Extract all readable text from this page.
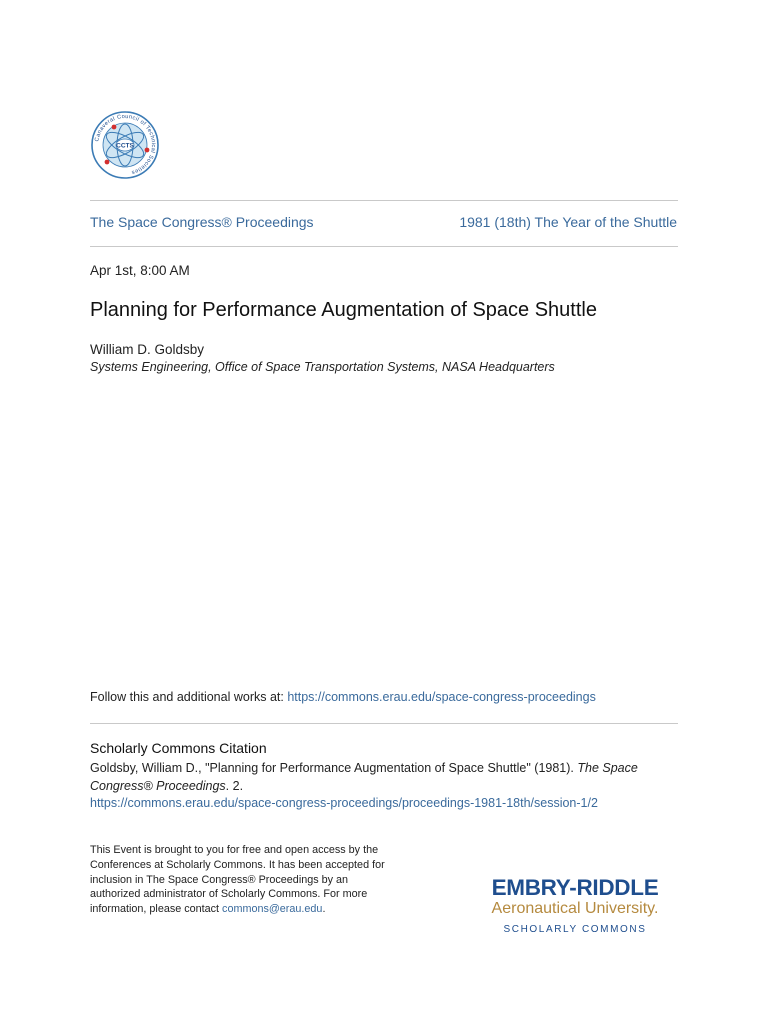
CCTS
Canaveral Council of Technical Societies
The Space Congress® Proceedings	1981 (18th) The Year of the Shuttle
Apr 1st, 8:00 AM
Planning for Performance Augmentation of Space Shuttle
William D. Goldsby
Systems Engineering, Office of Space Transportation Systems, NASA Headquarters
Follow this and additional works at: https://commons.erau.edu/space-congress-proceedings
Scholarly Commons Citation
Goldsby, William D., "Planning for Performance Augmentation of Space Shuttle" (1981). The Space Congress® Proceedings. 2.
https://commons.erau.edu/space-congress-proceedings/proceedings-1981-18th/session-1/2
This Event is brought to you for free and open access by the Conferences at Scholarly Commons. It has been accepted for inclusion in The Space Congress® Proceedings by an authorized administrator of Scholarly Commons. For more information, please contact commons@erau.edu.
EMBRY-RIDDLE
Aeronautical University.
SCHOLARLY COMMONS
